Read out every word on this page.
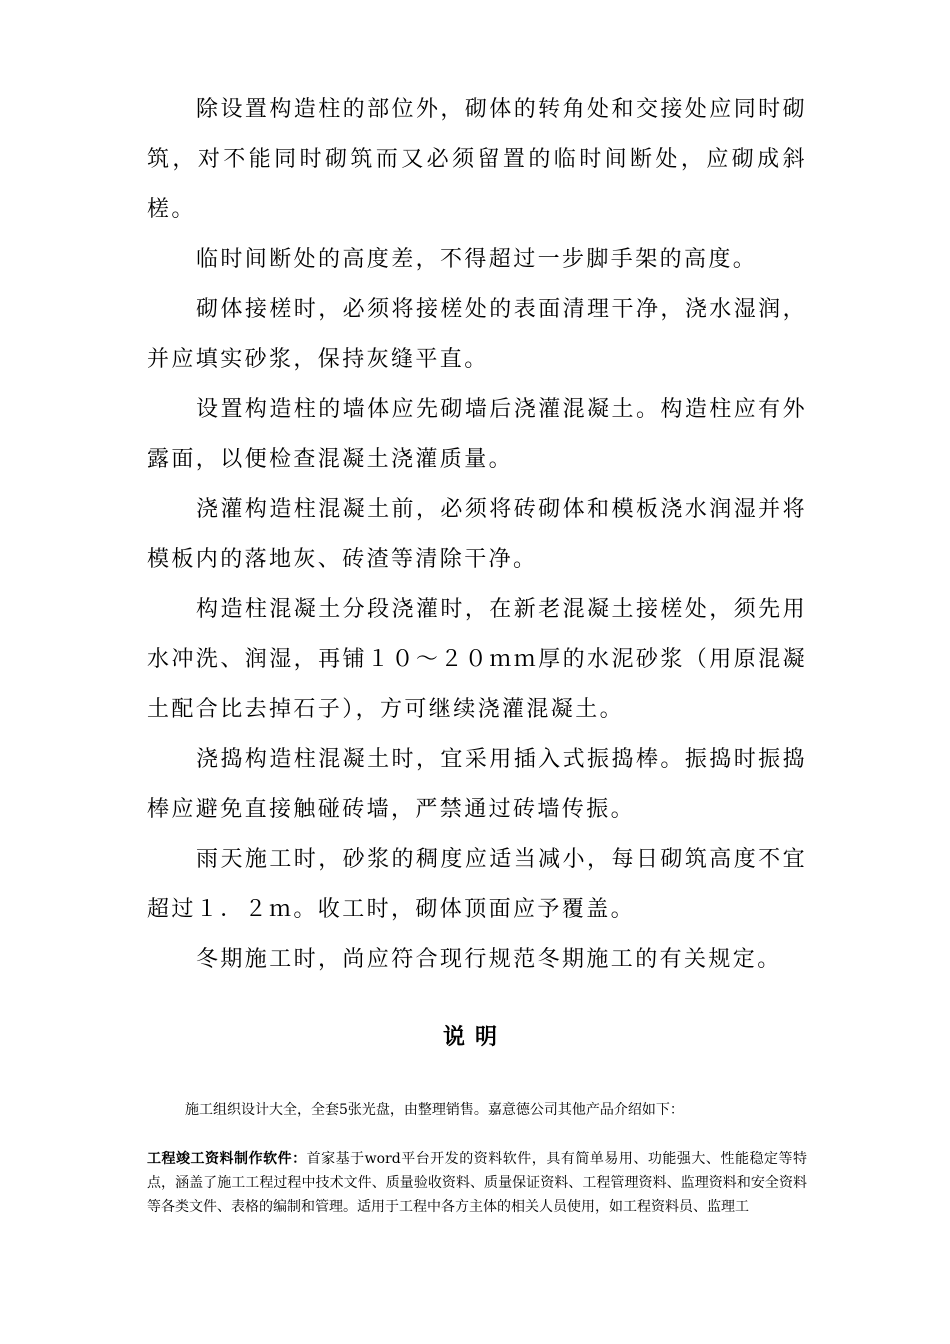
除设置构造柱的部位外，砌体的转角处和交接处应同时砌筑，对不能同时砌筑而又必须留置的临时间断处，应砌成斜槎。

临时间断处的高度差，不得超过一步脚手架的高度。

砌体接槎时，必须将接槎处的表面清理干净，浇水湿润，并应填实砂浆，保持灰缝平直。

设置构造柱的墙体应先砌墙后浇灌混凝土。构造柱应有外露面，以便检查混凝土浇灌质量。

浇灌构造柱混凝土前，必须将砖砌体和模板浇水润湿并将模板内的落地灰、砖渣等清除干净。

构造柱混凝土分段浇灌时，在新老混凝土接槎处，须先用水冲洗、润湿，再铺１０～２０ｍｍ厚的水泥砂浆（用原混凝土配合比去掉石子），方可继续浇灌混凝土。

浇捣构造柱混凝土时，宜采用插入式振捣棒。振捣时振捣棒应避免直接触碰砖墙，严禁通过砖墙传振。

雨天施工时，砂浆的稠度应适当减小，每日砌筑高度不宜超过１．２ｍ。收工时，砌体顶面应予覆盖。

冬期施工时，尚应符合现行规范冬期施工的有关规定。

说明

施工组织设计大全，全套5张光盘，由整理销售。嘉意德公司其他产品介绍如下：

工程竣工资料制作软件：首家基于word平台开发的资料软件，具有简单易用、功能强大、性能稳定等特点，涵盖了施工工程过程中技术文件、质量验收资料、质量保证资料、工程管理资料、监理资料和安全资料等各类文件、表格的编制和管理。适用于工程中各方主体的相关人员使用，如工程资料员、监理工
